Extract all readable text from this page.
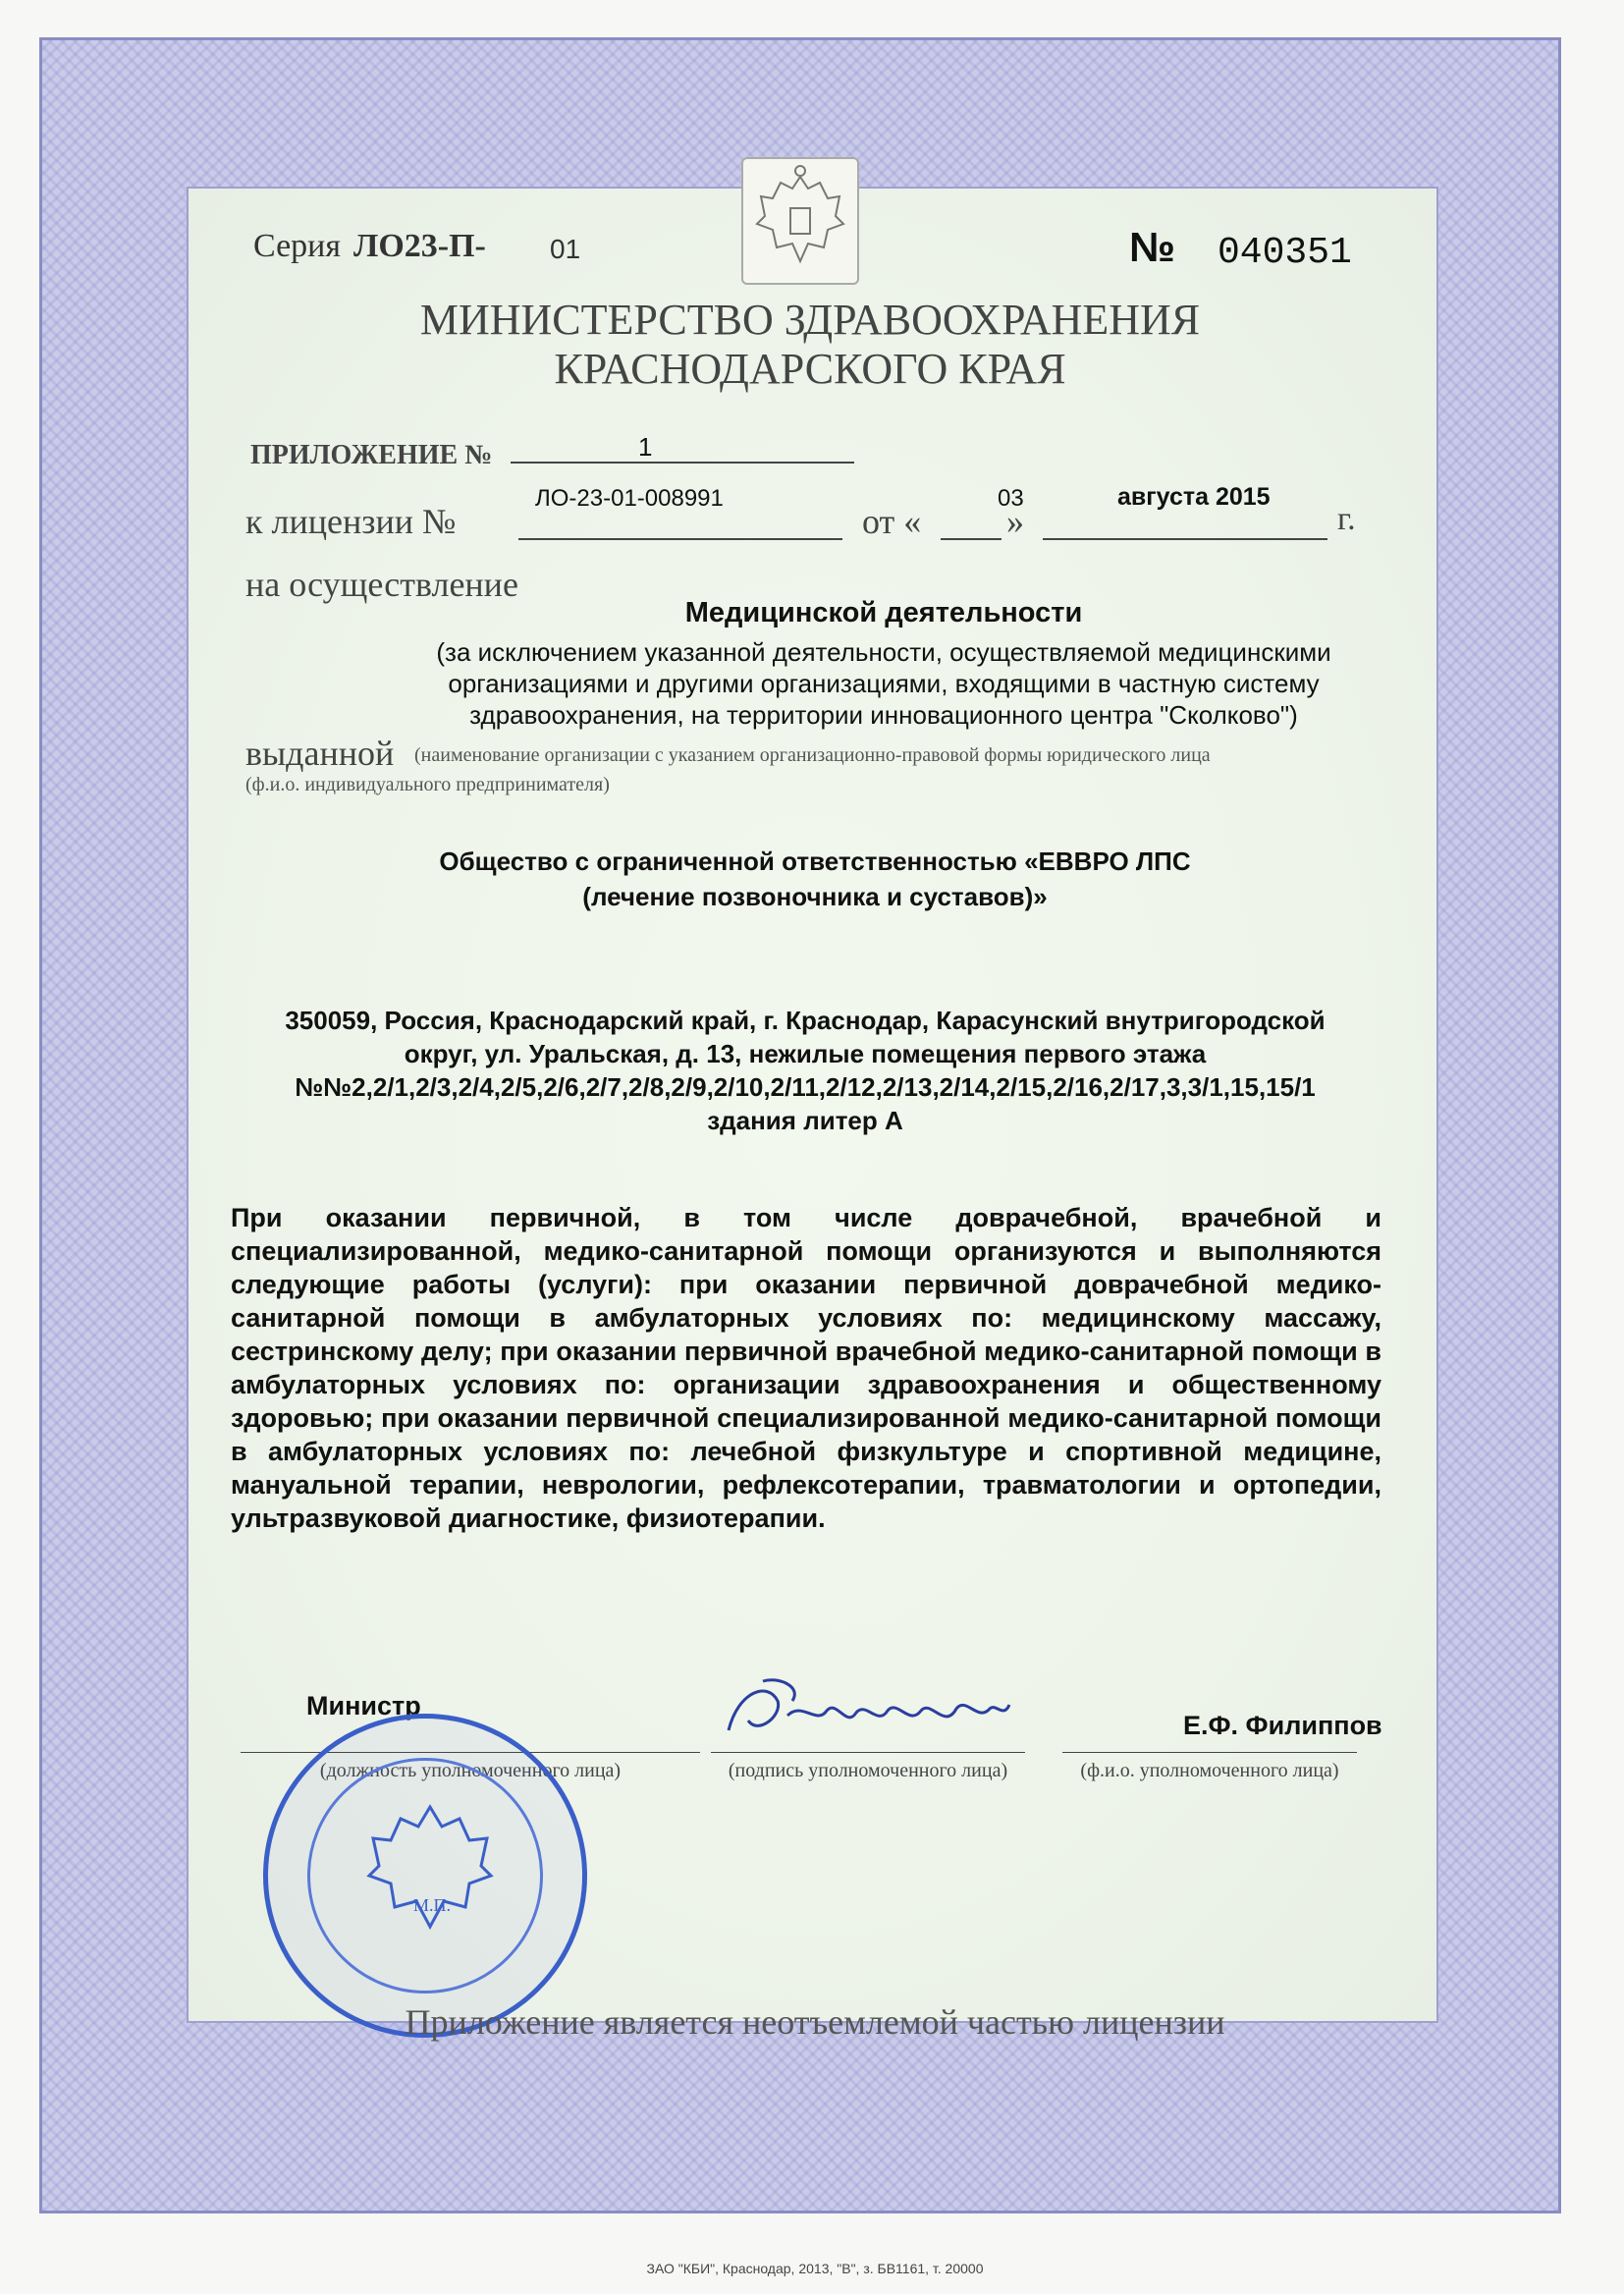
Серия ЛО23-П- 01	№ 040351
МИНИСТЕРСТВО ЗДРАВООХРАНЕНИЯ
КРАСНОДАРСКОГО КРАЯ
ПРИЛОЖЕНИЕ №	1
к лицензии №
ЛО-23-01-008991
от «
03
»
августа 2015
г.
на осуществление
Медицинской деятельности
(за исключением указанной деятельности, осуществляемой медицинскими
организациями и другими организациями, входящими в частную систему
здравоохранения, на территории инновационного центра "Сколково")
выданной (наименование организации с указанием организационно-правовой формы юридического лица
(ф.и.о. индивидуального предпринимателя)
Общество с ограниченной ответственностью «ЕВВРО ЛПС
(лечение позвоночника и суставов)»
350059, Россия, Краснодарский край, г. Краснодар, Карасунский внутригородской
округ, ул. Уральская, д. 13, нежилые помещения первого этажа
№№2,2/1,2/3,2/4,2/5,2/6,2/7,2/8,2/9,2/10,2/11,2/12,2/13,2/14,2/15,2/16,2/17,3,3/1,15,15/1
здания литер А
При оказании первичной, в том числе доврачебной, врачебной и специализированной, медико-санитарной помощи организуются и выполняются следующие работы (услуги): при оказании первичной доврачебной медико-санитарной помощи в амбулаторных условиях по: медицинскому массажу, сестринскому делу; при оказании первичной врачебной медико-санитарной помощи в амбулаторных условиях по: организации здравоохранения и общественному здоровью; при оказании первичной специализированной медико-санитарной помощи в амбулаторных условиях по: лечебной физкультуре и спортивной медицине, мануальной терапии, неврологии, рефлексотерапии, травматологии и ортопедии, ультразвуковой диагностике, физиотерапии.
Министр
(должность уполномоченного лица)	(подпись уполномоченного лица)
Е.Ф. Филиппов
(ф.и.о. уполномоченного лица)
М.П.
Приложение является неотъемлемой частью лицензии
ЗАО "КБИ", Краснодар, 2013, "В", з. БВ1161, т. 20000
